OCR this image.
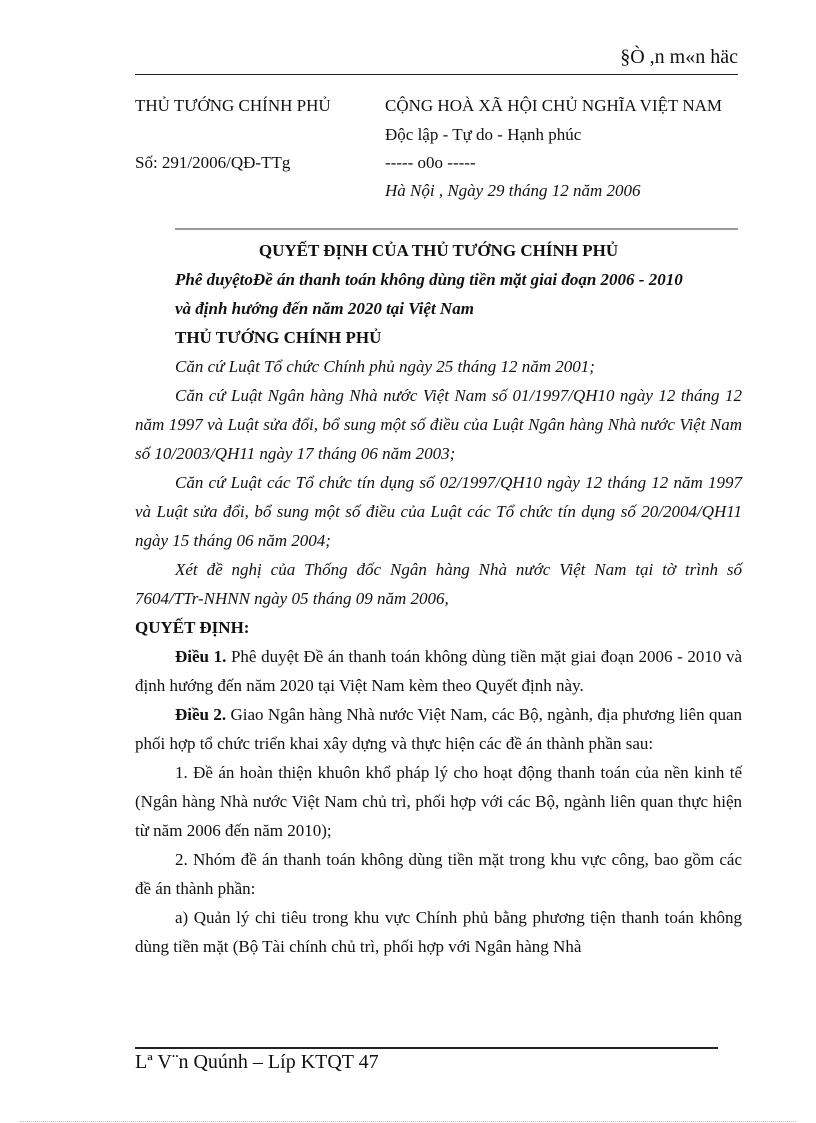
§Ò ,n m«n häc
THỦ TƯỚNG CHÍNH PHỦ	CỘNG HOÀ XÃ HỘI CHỦ NGHĨA VIỆT NAM
Độc lập - Tự do - Hạnh phúc
Số: 291/2006/QĐ-TTg	----- o0o -----
Hà Nội , Ngày 29 tháng 12 năm 2006

QUYẾT ĐỊNH CỦA THỦ TƯỚNG CHÍNH PHỦ

Phê duyệtoĐề án thanh toán không dùng tiền mặt giai đoạn 2006 - 2010

và định hướng đến năm 2020 tại Việt Nam

THỦ TƯỚNG CHÍNH PHỦ

Căn cứ Luật Tổ chức Chính phủ ngày 25 tháng 12 năm 2001;

Căn cứ Luật Ngân hàng Nhà nước Việt Nam số 01/1997/QH10 ngày 12 tháng 12 năm 1997 và Luật sửa đổi, bổ sung một số điều của Luật Ngân hàng Nhà nước Việt Nam số 10/2003/QH11 ngày 17 tháng 06 năm 2003;

Căn cứ Luật các Tổ chức tín dụng số 02/1997/QH10 ngày 12 tháng 12 năm 1997 và Luật sửa đổi, bổ sung một số điều của Luật các Tổ chức tín dụng số 20/2004/QH11 ngày 15 tháng 06 năm 2004;

Xét đề nghị của Thống đốc Ngân hàng Nhà nước Việt Nam tại tờ trình số 7604/TTr-NHNN ngày 05 tháng 09 năm 2006,

QUYẾT ĐỊNH:

Điều 1. Phê duyệt Đề án thanh toán không dùng tiền mặt giai đoạn 2006 - 2010 và định hướng đến năm 2020 tại Việt Nam kèm theo Quyết định này.

Điều 2. Giao Ngân hàng Nhà nước Việt Nam, các Bộ, ngành, địa phương liên quan phối hợp tổ chức triển khai xây dựng và thực hiện các đề án thành phần sau:

1. Đề án hoàn thiện khuôn khổ pháp lý cho hoạt động thanh toán của nền kinh tế (Ngân hàng Nhà nước Việt Nam chủ trì, phối hợp với các Bộ, ngành liên quan thực hiện từ năm 2006 đến năm 2010);

2. Nhóm đề án thanh toán không dùng tiền mặt trong khu vực công, bao gồm các đề án thành phần:

a) Quản lý chi tiêu trong khu vực Chính phủ bằng phương tiện thanh toán không dùng tiền mặt (Bộ Tài chính chủ trì, phối hợp với Ngân hàng Nhà

Lª V¨n Quúnh – Líp KTQT 47
